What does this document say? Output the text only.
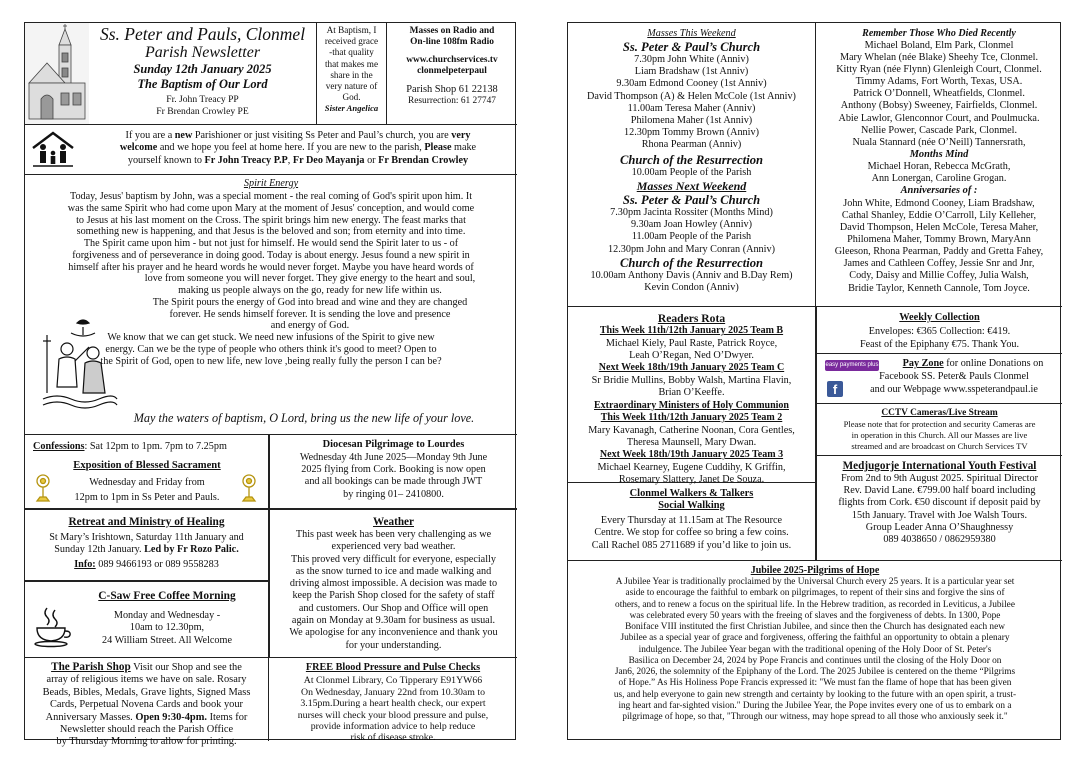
Ss. Peter and Pauls, Clonmel
Parish Newsletter
Sunday 12th January 2025
The Baptism of Our Lord
Fr. John Treacy PP
Fr Brendan Crowley PE
At Baptism, I
received grace
-that quality
that makes me
share in the
very nature of
God.
Sister Angelica
Masses on Radio and
On-line 108fm Radio
www.churchservices.tv
clonmelpeterpaul
Parish Shop 61 22138
Resurrection: 61 27747
If you are a new Parishioner or just visiting Ss Peter and Paul’s church, you are very
welcome and we hope you feel at home here. If you are new to the parish, Please make
yourself known to Fr John Treacy P.P, Fr Deo Mayanja or Fr Brendan Crowley
Spirit Energy
Today, Jesus' baptism by John, was a special moment - the real coming of God's spirit upon him. It
was the same Spirit who had come upon Mary at the moment of Jesus' conception, and would come
to Jesus at his last moment on the Cross. The spirit brings him new energy. The feast marks that
something new is happening, and that Jesus is the beloved and son; from eternity and into time.
The Spirit came upon him - but not just for himself. He would send the Spirit later to us - of
forgiveness and of perseverance in doing good. Today is about energy. Jesus found a new spirit in
himself after his prayer and he heard words he would never forget. Maybe you have heard words of
love from someone you will never forget. They give energy to the heart and soul,
making us people always on the go, ready for new life within us.
The Spirit pours the energy of God into bread and wine and they are changed
forever. He sends himself forever. It is sending the love and presence
and energy of God.
We know that we can get stuck. We need new infusions of the Spirit to give new
energy. Can we be the type of people who others think it's good to meet? Open to
the Spirit of God, open to new life, new love ,being really fully the person I can be?
May the waters of baptism, O Lord, bring us the new life of your love.
Confessions: Sat 12pm to 1pm. 7pm to 7.25pm
Exposition of Blessed Sacrament
Wednesday and Friday from
12pm to 1pm in Ss Peter and Pauls.
Diocesan Pilgrimage to Lourdes
Wednesday 4th June 2025—Monday 9th June
2025 flying from Cork. Booking is now open
and all bookings can be made through JWT
by ringing 01– 2410800.
Retreat and Ministry of Healing
St Mary’s Irishtown, Saturday 11th January and
Sunday 12th January. Led by Fr Rozo Palic.
Info: 089 9466193 or 089 9558283
C-Saw Free Coffee Morning
Monday and Wednesday -
10am to 12.30pm,
24 William Street. All Welcome
Weather
This past week has been very challenging as we
experienced very bad weather.
This proved very difficult for everyone, especially
as the snow turned to ice and made walking and
driving almost impossible. A decision was made to
keep the Parish Shop closed for the safety of staff
and customers. Our Shop and Office will open
again on Monday at 9.30am for business as usual.
We apologise for any inconvenience and thank you
for your understanding.
The Parish Shop Visit our Shop and see the
array of religious items we have on sale. Rosary
Beads, Bibles, Medals, Grave lights, Signed Mass
Cards, Perpetual Novena Cards and book your
Anniversary Masses. Open 9:30-4pm. Items for
Newsletter should reach the Parish Office
by Thursday Morning to allow for printing.
FREE Blood Pressure and Pulse Checks
At Clonmel Library, Co Tipperary E91YW66
On Wednesday, January 22nd from 10.30am to
3.15pm.During a heart health check, our expert
nurses will check your blood pressure and pulse,
provide information advice to help reduce
risk of disease stroke.
Masses This Weekend
Ss. Peter & Paul’s Church
7.30pm John White (Anniv)
Liam Bradshaw (1st Anniv)
9.30am Edmond Cooney (1st Anniv)
David Thompson (A) & Helen McCole (1st Anniv)
11.00am Teresa Maher (Anniv)
Philomena Maher (1st Anniv)
12.30pm Tommy Brown (Anniv)
Rhona Pearman (Anniv)
Church of the Resurrection
10.00am People of the Parish
Masses Next Weekend
Ss. Peter & Paul’s Church
7.30pm Jacinta Rossiter (Months Mind)
9.30am Joan Howley (Anniv)
11.00am People of the Parish
12.30pm John and Mary Conran (Anniv)
Church of the Resurrection
10.00am Anthony Davis (Anniv and B.Day Rem)
Kevin Condon (Anniv)
Remember Those Who Died Recently
Michael Boland, Elm Park, Clonmel
Mary Whelan (née Blake) Sheehy Tce, Clonmel.
Kitty Ryan (née Flynn) Glenleigh Court, Clonmel.
Timmy Adams, Fort Worth, Texas, USA.
Patrick O’Donnell, Wheatfields, Clonmel.
Anthony (Bobsy) Sweeney, Fairfields, Clonmel.
Abie Lawlor, Glenconnor Court, and Poulmucka.
Nellie Power, Cascade Park, Clonmel.
Nuala Stannard (née O’Neill) Tannersrath,
Months Mind
Michael Horan, Rebecca McGrath,
Ann Lonergan, Caroline Grogan.
Anniversaries of :
John White, Edmond Cooney, Liam Bradshaw,
Cathal Shanley, Eddie O’Carroll, Lily Kelleher,
David Thompson, Helen McCole, Teresa Maher,
Philomena Maher, Tommy Brown, MaryAnn
Gleeson, Rhona Pearman, Paddy and Gretta Fahey,
James and Cathleen Coffey, Jessie Snr and Jnr,
Cody, Daisy and Millie Coffey, Julia Walsh,
Bridie Taylor, Kenneth Cannole, Tom Joyce.
Readers Rota
This Week 11th/12th January 2025 Team B
Michael Kiely, Paul Raste, Patrick Royce,
Leah O’Regan, Ned O’Dwyer.
Next Week 18th/19th January 2025 Team C
Sr Bridie Mullins, Bobby Walsh, Martina Flavin,
Brian O’Keeffe.
Extraordinary Ministers of Holy Communion
This Week 11th/12th January 2025 Team 2
Mary Kavanagh, Catherine Noonan, Cora Gentles,
Theresa Maunsell, Mary Dwan.
Next Week 18th/19th January 2025 Team 3
Michael Kearney, Eugene Cuddihy, K Griffin,
Rosemary Slattery, Janet De Souza.
Clonmel Walkers & Talkers
Social Walking
Every Thursday at 11.15am at The Resource
Centre. We stop for coffee so bring a few coins.
Call Rachel 085 2711689 if you’d like to join us.
Weekly Collection
Envelopes: €365 Collection: €419.
Feast of the Epiphany €75. Thank You.
easy payments plus
f
Pay Zone for online Donations on
Facebook SS. Peter& Pauls Clonmel
and our Webpage www.sspeterandpaul.ie
CCTV Cameras/Live Stream
Please note that for protection and security Cameras are
in operation in this Church. All our Masses are live
streamed and are broadcast on Church Services TV
Medjugorje International Youth Festival
From 2nd to 9th August 2025. Spiritual Director
Rev. David Lane. €799.00 half board including
flights from Cork. €50 discount if deposit paid by
15th January. Travel with Joe Walsh Tours.
Group Leader Anna O’Shaughnessy
089 4038650 / 0862959380
Jubilee 2025-Pilgrims of Hope
A Jubilee Year is traditionally proclaimed by the Universal Church every 25 years. It is a particular year set
aside to encourage the faithful to embark on pilgrimages, to repent of their sins and forgive the sins of
others, and to renew a focus on the spiritual life. In the Hebrew tradition, as recorded in Leviticus, a Jubilee
was celebrated every 50 years with the freeing of slaves and the forgiveness of debts. In 1300, Pope
Boniface VIII instituted the first Christian Jubilee, and since then the Church has designated each new
Jubilee as a special year of grace and forgiveness, offering the faithful an opportunity to obtain a plenary
indulgence. The Jubilee Year began with the traditional opening of the Holy Door of St. Peter's
Basilica on December 24, 2024 by Pope Francis and continues until the closing of the Holy Door on
Jan6, 2026, the solemnity of the Epiphany of the Lord. The 2025 Jubilee is centered on the theme “Pilgrims
of Hope.” As His Holiness Pope Francis expressed it: "We must fan the flame of hope that has been given
us, and help everyone to gain new strength and certainty by looking to the future with an open spirit, a trust-
ing heart and far-sighted vision." During the Jubilee Year, the Pope invites every one of us to embark on a
pilgrimage of hope, so that, "Through our witness, may hope spread to all those who anxiously seek it."
